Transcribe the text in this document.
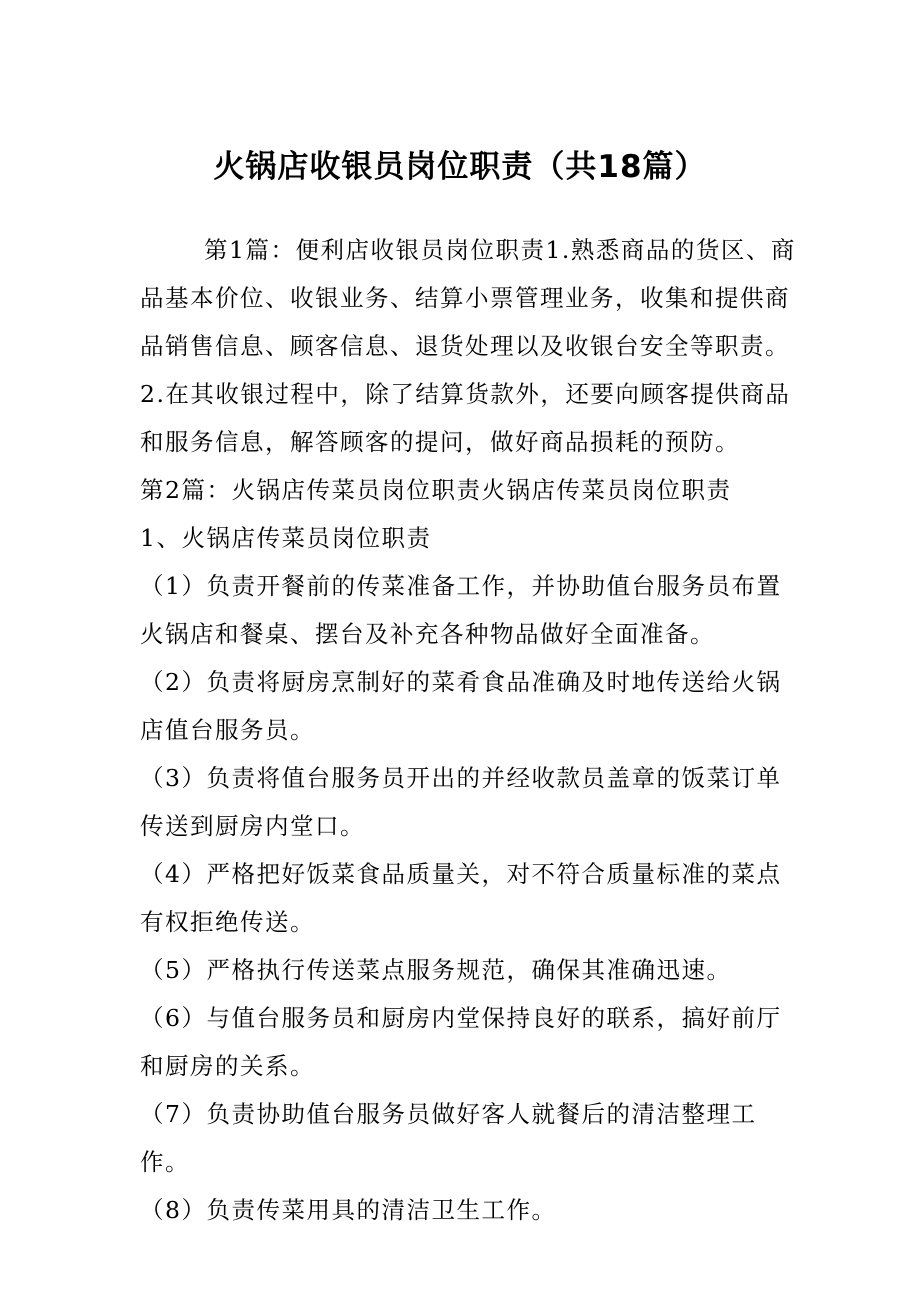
火锅店收银员岗位职责（共18篇）

第1篇：便利店收银员岗位职责1.熟悉商品的货区、商品基本价位、收银业务、结算小票管理业务，收集和提供商品销售信息、顾客信息、退货处理以及收银台安全等职责。2.在其收银过程中，除了结算货款外，还要向顾客提供商品和服务信息，解答顾客的提问，做好商品损耗的预防。

第2篇：火锅店传菜员岗位职责火锅店传菜员岗位职责

1、火锅店传菜员岗位职责

（1）负责开餐前的传菜准备工作，并协助值台服务员布置火锅店和餐桌、摆台及补充各种物品做好全面准备。

（2）负责将厨房烹制好的菜肴食品准确及时地传送给火锅店值台服务员。

（3）负责将值台服务员开出的并经收款员盖章的饭菜订单传送到厨房内堂口。

（4）严格把好饭菜食品质量关，对不符合质量标准的菜点有权拒绝传送。

（5）严格执行传送菜点服务规范，确保其准确迅速。

（6）与值台服务员和厨房内堂保持良好的联系，搞好前厅和厨房的关系。

（7）负责协助值台服务员做好客人就餐后的清洁整理工作。

（8）负责传菜用具的清洁卫生工作。
